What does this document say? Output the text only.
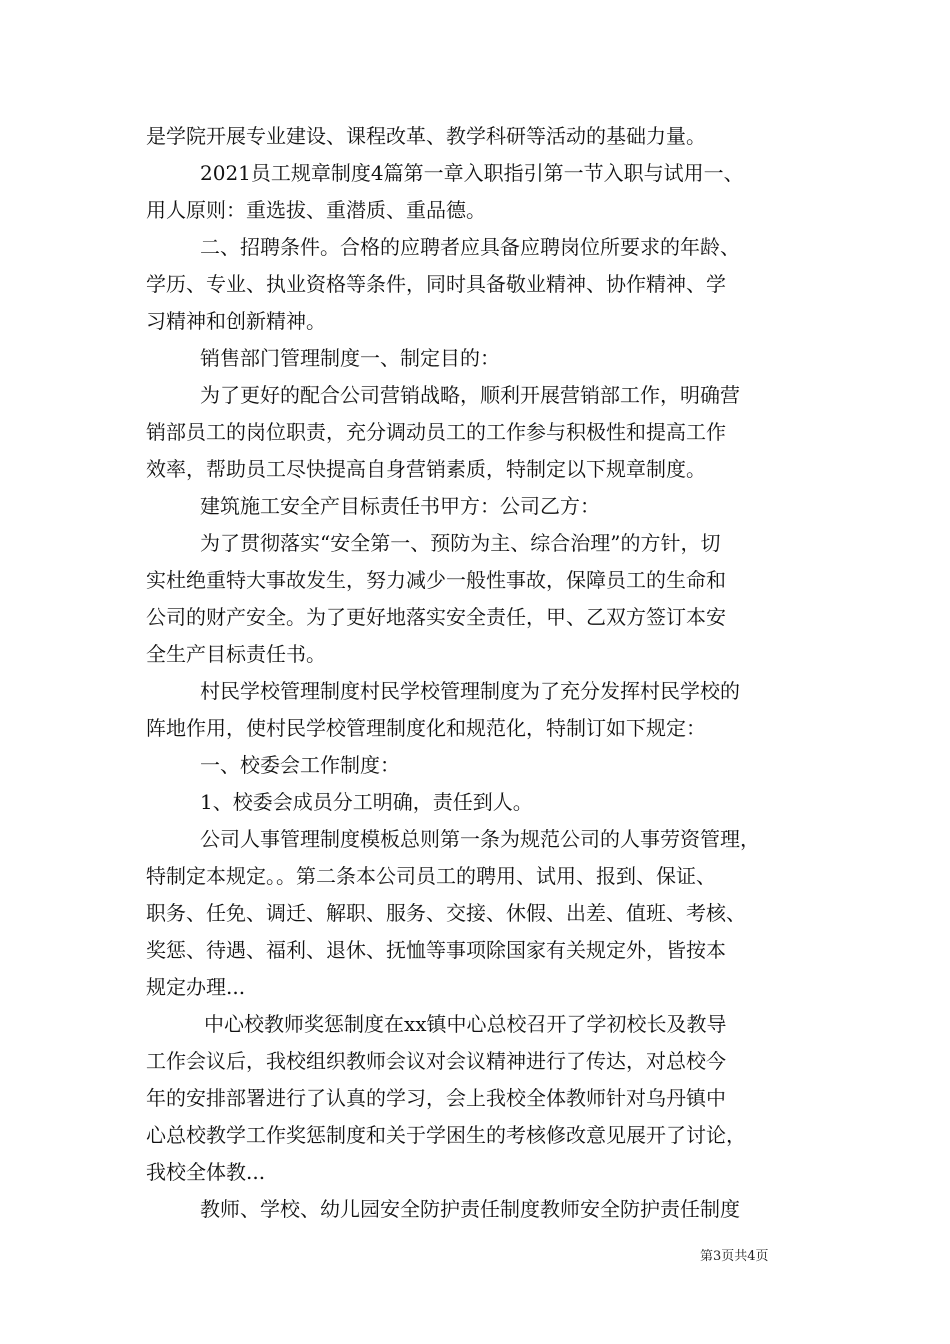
是学院开展专业建设、课程改革、教学科研等活动的基础力量。
2021员工规章制度4篇第一章入职指引第一节入职与试用一、
用人原则：重选拔、重潜质、重品德。
二、招聘条件。合格的应聘者应具备应聘岗位所要求的年龄、
学历、专业、执业资格等条件，同时具备敬业精神、协作精神、学
习精神和创新精神。
销售部门管理制度一、制定目的：
为了更好的配合公司营销战略，顺利开展营销部工作，明确营
销部员工的岗位职责，充分调动员工的工作参与积极性和提高工作
效率，帮助员工尽快提高自身营销素质，特制定以下规章制度。
建筑施工安全产目标责任书甲方：公司乙方：
为了贯彻落实“安全第一、预防为主、综合治理”的方针，切
实杜绝重特大事故发生，努力减少一般性事故，保障员工的生命和
公司的财产安全。为了更好地落实安全责任，甲、乙双方签订本安
全生产目标责任书。
村民学校管理制度村民学校管理制度为了充分发挥村民学校的
阵地作用，使村民学校管理制度化和规范化，特制订如下规定：
一、校委会工作制度：
1、校委会成员分工明确，责任到人。
公司人事管理制度模板总则第一条为规范公司的人事劳资管理，
特制定本规定。。第二条本公司员工的聘用、试用、报到、保证、
职务、任免、调迁、解职、服务、交接、休假、出差、值班、考核、
奖惩、待遇、福利、退休、抚恤等事项除国家有关规定外，皆按本
规定办理...
中心校教师奖惩制度在xx镇中心总校召开了学初校长及教导
工作会议后，我校组织教师会议对会议精神进行了传达，对总校今
年的安排部署进行了认真的学习，会上我校全体教师针对乌丹镇中
心总校教学工作奖惩制度和关于学困生的考核修改意见展开了讨论，
我校全体教...
教师、学校、幼儿园安全防护责任制度教师安全防护责任制度
第3页共4页
